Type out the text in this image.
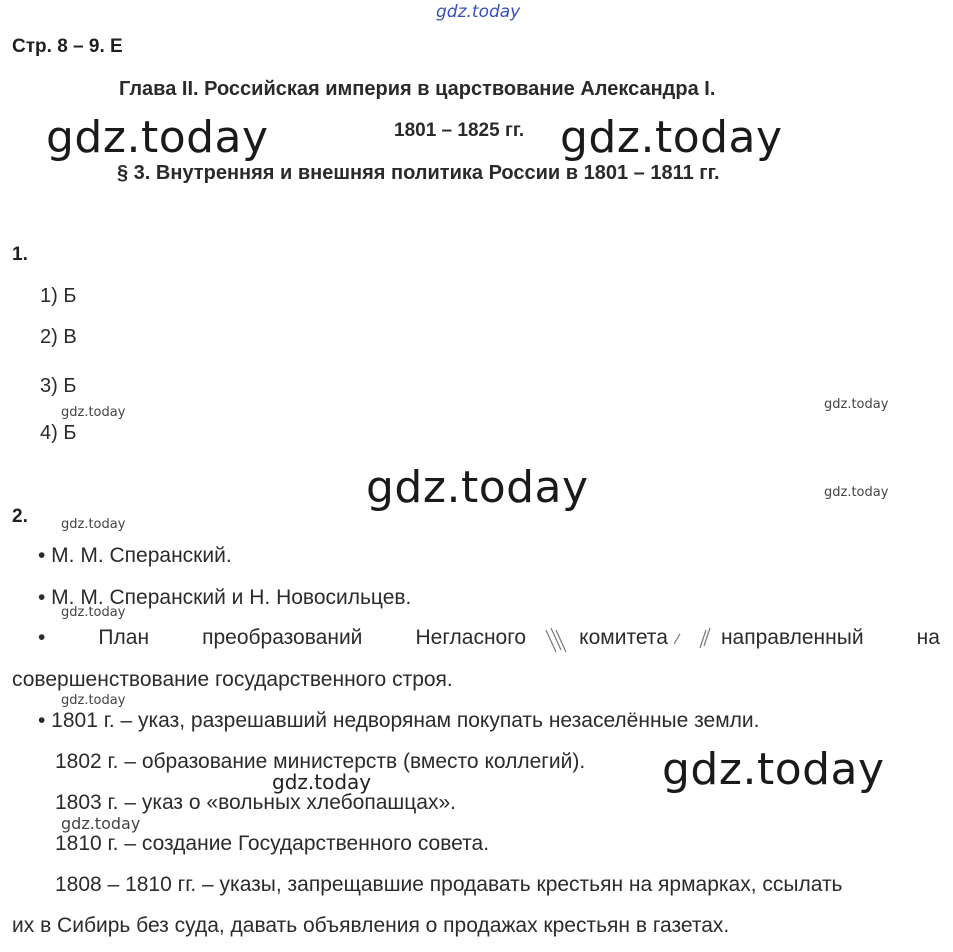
gdz.today
gdz.today	gdz.today
gdz.today
gdz.today
gdz.today
gdz.today
gdz.today
gdz.today
gdz.today
gdz.today
gdz.today
gdz.today
Стр. 8 – 9. Е
Глава II. Российская империя в царствование Александра I.
1801 – 1825 гг.
§ 3. Внутренняя и внешняя политика России в 1801 – 1811 гг.
1.
1) Б
2) В
3) Б
4) Б
2.
• М. М. Сперанский.
• М. М. Сперанский и Н. Новосильцев.
•	План	преобразований	Негласного	комитета	направленный	на
совершенствование государственного строя.
• 1801 г. – указ, разрешавший недворянам покупать незаселённые земли.
1802 г. – образование министерств (вместо коллегий).
1803 г. – указ о «вольных хлебопашцах».
1810 г. – создание Государственного совета.
1808 – 1810 гг. – указы, запрещавшие продавать крестьян на ярмарках, ссылать
их в Сибирь без суда, давать объявления о продажах крестьян в газетах.
